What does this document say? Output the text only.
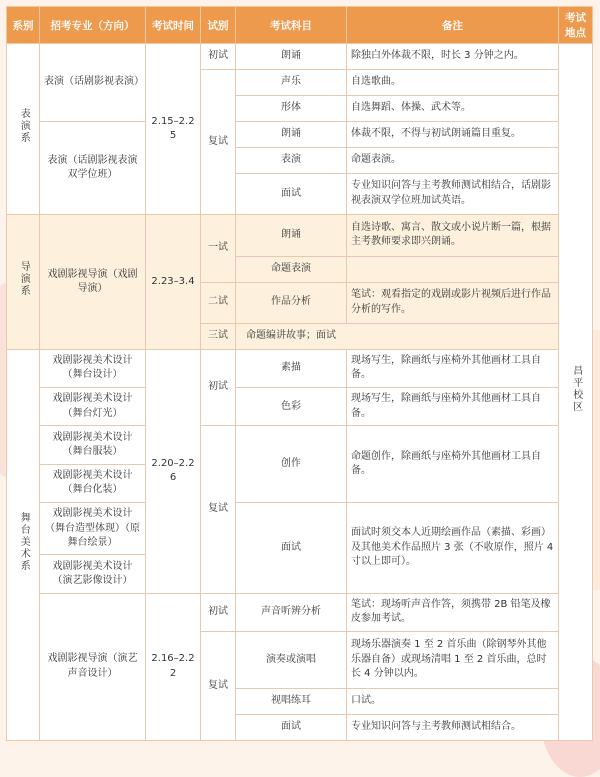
系别	招考专业（方向）	考试时间	试别	考试科目	备注	考试地点
表演系	表演（话剧影视表演）	2.15–2.25	初试	朗诵	除独白外体裁不限，时长 3 分钟之内。	昌平校区
			复试	声乐	自选歌曲。	
				形体	自选舞蹈、体操、武术等。	
	表演（话剧影视表演双学位班）			朗诵	体裁不限，不得与初试朗诵篇目重复。	
				表演	命题表演。	
				面试	专业知识问答与主考教师测试相结合，话剧影视表演双学位班加试英语。	
导演系	戏剧影视导演（戏剧导演）	2.23–3.4	一试	朗诵	自选诗歌、寓言、散文或小说片断一篇，根据主考教师要求即兴朗诵。	
				命题表演		
			二试	作品分析	笔试：观看指定的戏剧或影片视频后进行作品分析的写作。	
			三试	命题编讲故事；面试		
舞台美术系	戏剧影视美术设计（舞台设计）	2.20–2.26	初试	素描	现场写生，除画纸与座椅外其他画材工具自备。	
	戏剧影视美术设计（舞台灯光）			色彩	现场写生，除画纸与座椅外其他画材工具自备。	
	戏剧影视美术设计（舞台服装）		复试	创作	命题创作，除画纸与座椅外其他画材工具自备。	
	戏剧影视美术设计（舞台化装）					
	戏剧影视美术设计（舞台造型体现）（原舞台绘景）			面试	面试时须交本人近期绘画作品（素描、彩画）及其他美术作品照片 3 张（不收原作，照片 4 寸以上即可）。	
	戏剧影视美术设计（演艺影像设计）					
	戏剧影视导演（演艺声音设计）	2.16–2.22	初试	声音听辨分析	笔试：现场听声音作答，须携带 2B 铅笔及橡皮参加考试。	
			复试	演奏或演唱	现场乐器演奏 1 至 2 首乐曲（除钢琴外其他乐器自备）或现场清唱 1 至 2 首乐曲，总时长 4 分钟以内。	
				视唱练耳	口试。	
				面试	专业知识问答与主考教师测试相结合。	
